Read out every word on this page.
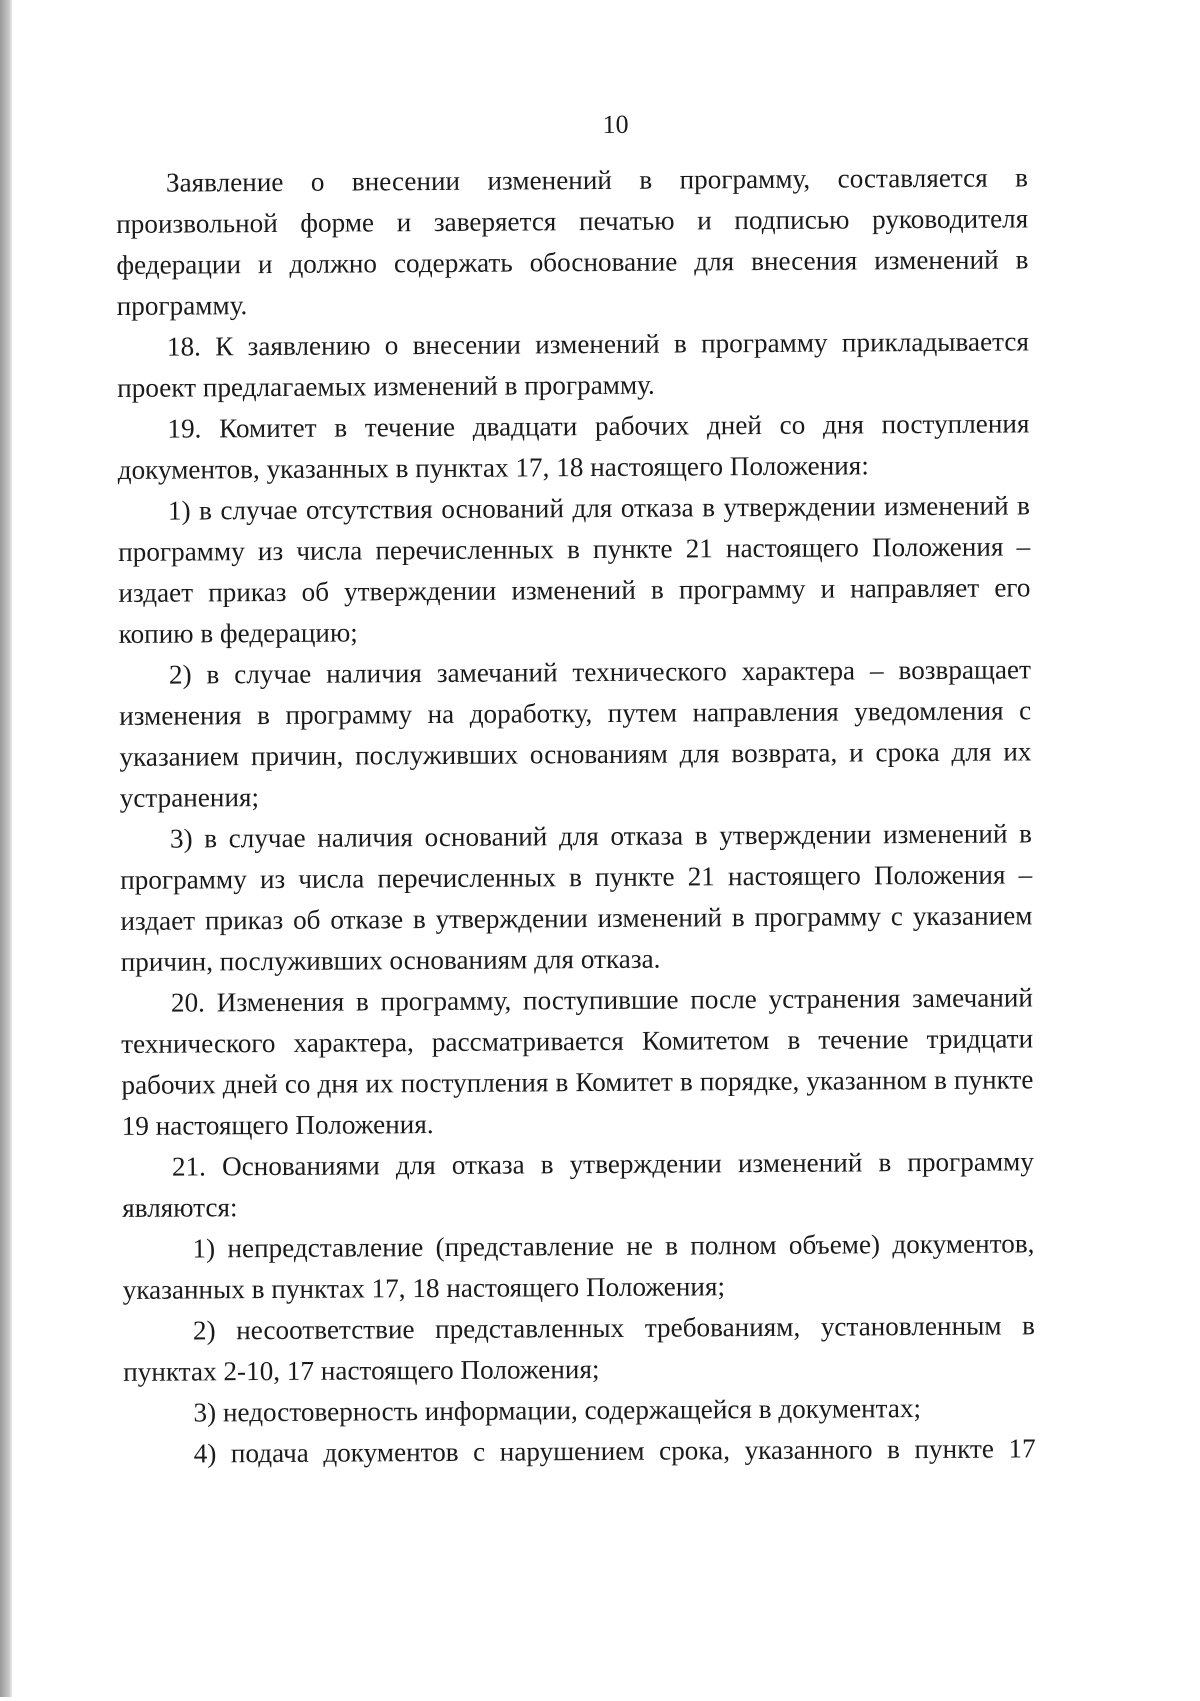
10

Заявление о внесении изменений в программу, составляется в произвольной форме и заверяется печатью и подписью руководителя федерации и должно содержать обоснование для внесения изменений в программу.

18. К заявлению о внесении изменений в программу прикладывается проект предлагаемых изменений в программу.

19. Комитет в течение двадцати рабочих дней со дня поступления документов, указанных в пунктах 17, 18 настоящего Положения:

1) в случае отсутствия оснований для отказа в утверждении изменений в программу из числа перечисленных в пункте 21 настоящего Положения – издает приказ об утверждении изменений в программу и направляет его копию в федерацию;

2) в случае наличия замечаний технического характера – возвращает изменения в программу на доработку, путем направления уведомления с указанием причин, послуживших основаниям для возврата, и срока для их устранения;

3) в случае наличия оснований для отказа в утверждении изменений в программу из числа перечисленных в пункте 21 настоящего Положения – издает приказ об отказе в утверждении изменений в программу с указанием причин, послуживших основаниям для отказа.

20. Изменения в программу, поступившие после устранения замечаний технического характера, рассматривается Комитетом в течение тридцати рабочих дней со дня их поступления в Комитет в порядке, указанном в пункте 19 настоящего Положения.

21. Основаниями для отказа в утверждении изменений в программу являются:

1) непредставление (представление не в полном объеме) документов, указанных в пунктах 17, 18 настоящего Положения;

2) несоответствие представленных требованиям, установленным в пунктах 2-10, 17 настоящего Положения;

3) недостоверность информации, содержащейся в документах;

4) подача документов с нарушением срока, указанного в пункте 17
